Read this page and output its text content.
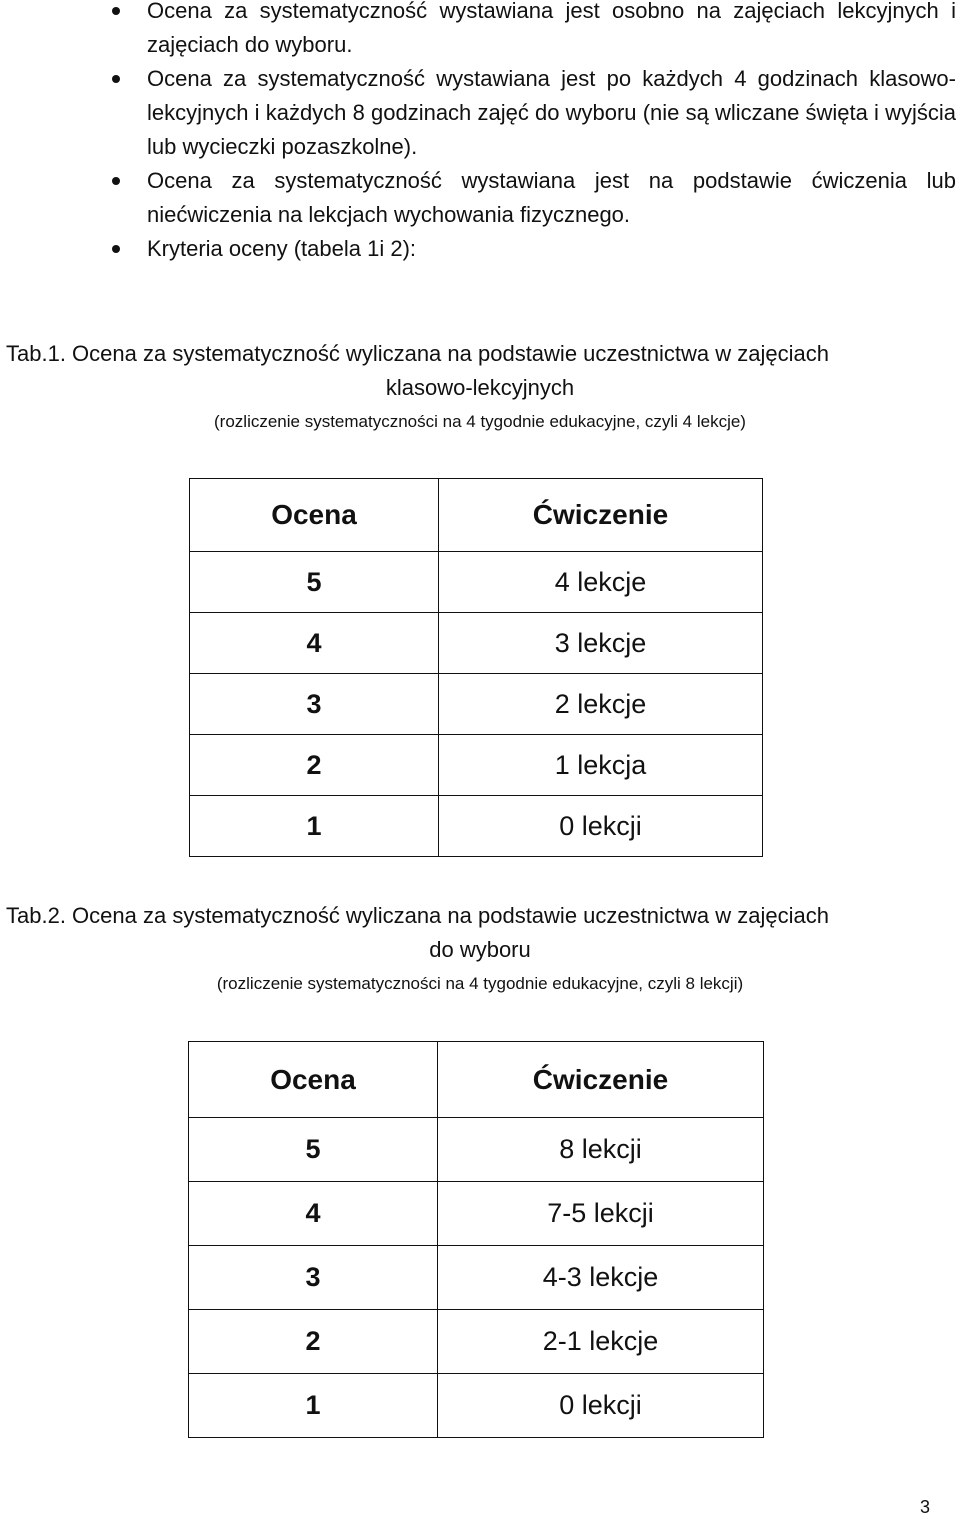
Ocena za systematyczność wystawiana jest osobno na zajęciach lekcyjnych i zajęciach do wyboru.
Ocena za systematyczność wystawiana jest po każdych 4 godzinach klasowo-lekcyjnych i każdych 8 godzinach zajęć do wyboru (nie są wliczane święta i wyjścia lub wycieczki pozaszkolne).
Ocena za systematyczność wystawiana jest na podstawie ćwiczenia lub niećwiczenia na lekcjach wychowania fizycznego.
Kryteria oceny (tabela 1i 2):
Tab.1. Ocena za systematyczność wyliczana na podstawie uczestnictwa w zajęciach
klasowo-lekcyjnych
(rozliczenie systematyczności na 4 tygodnie edukacyjne, czyli 4 lekcje)
Ocena	Ćwiczenie
5	4 lekcje
4	3 lekcje
3	2 lekcje
2	1 lekcja
1	0 lekcji
Tab.2. Ocena za systematyczność wyliczana na podstawie uczestnictwa w zajęciach
do wyboru
(rozliczenie systematyczności na 4 tygodnie edukacyjne, czyli 8 lekcji)
Ocena	Ćwiczenie
5	8 lekcji
4	7-5 lekcji
3	4-3 lekcje
2	2-1 lekcje
1	0 lekcji
3
